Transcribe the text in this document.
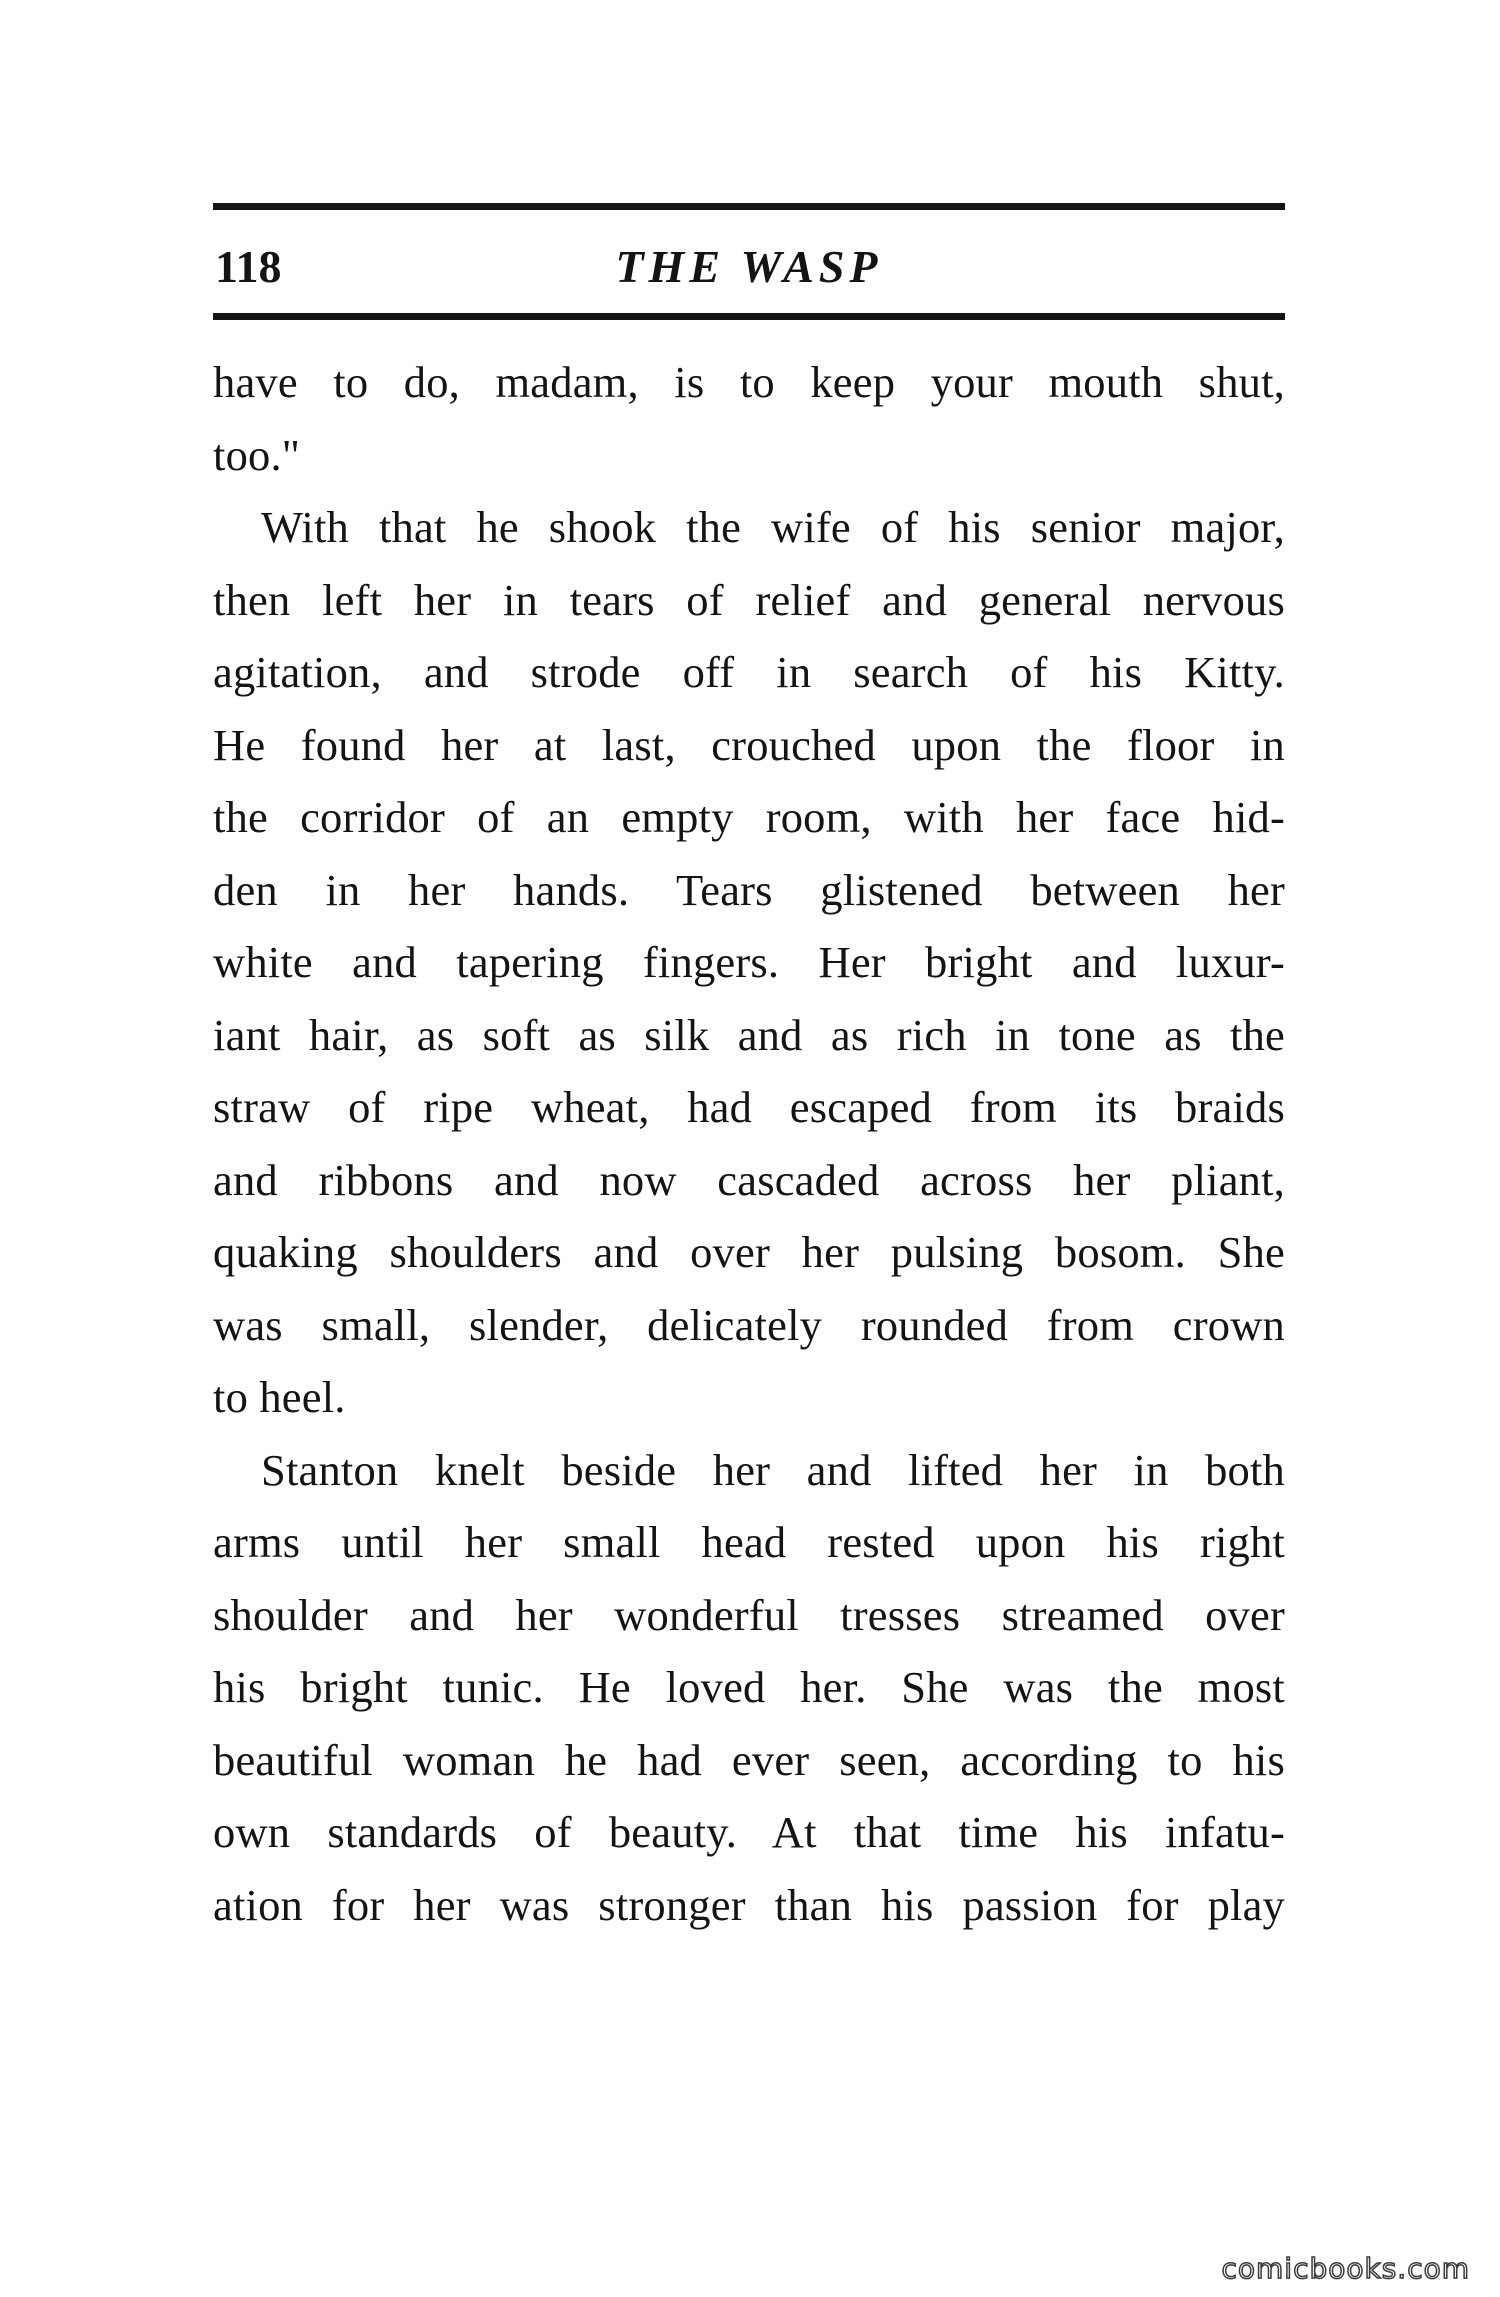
118	THE WASP

have to do, madam, is to keep your mouth shut,
too."

With that he shook the wife of his senior major,
then left her in tears of relief and general nervous
agitation, and strode off in search of his Kitty.
He found her at last, crouched upon the floor in
the corridor of an empty room, with her face hid-
den in her hands. Tears glistened between her
white and tapering fingers. Her bright and luxur-
iant hair, as soft as silk and as rich in tone as the
straw of ripe wheat, had escaped from its braids
and ribbons and now cascaded across her pliant,
quaking shoulders and over her pulsing bosom. She
was small, slender, delicately rounded from crown
to heel.

Stanton knelt beside her and lifted her in both
arms until her small head rested upon his right
shoulder and her wonderful tresses streamed over
his bright tunic. He loved her. She was the most
beautiful woman he had ever seen, according to his
own standards of beauty. At that time his infatu-
ation for her was stronger than his passion for play

comicbooks.com
